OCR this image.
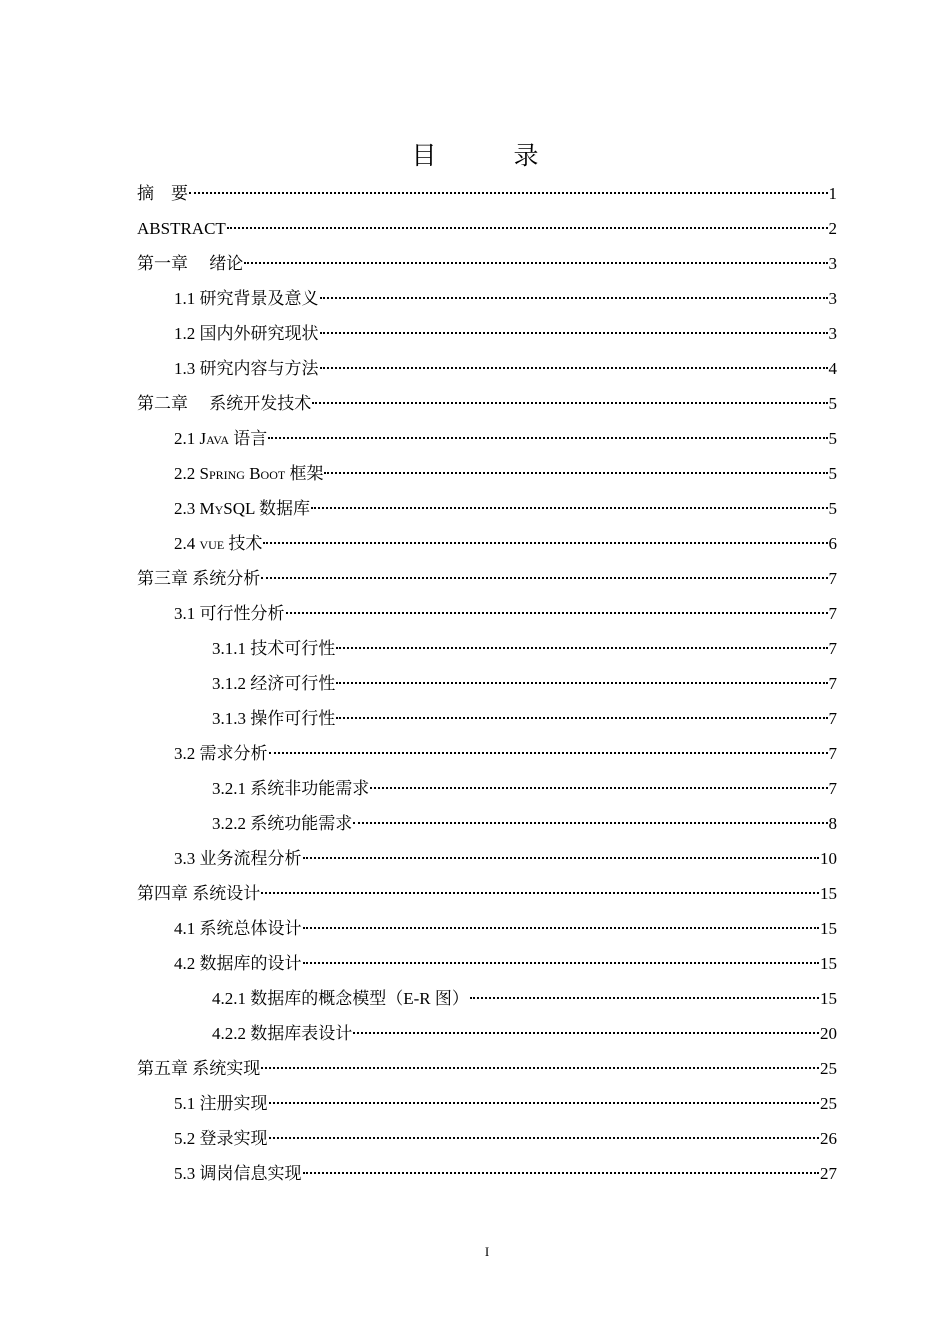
目　录
摘　要	1
ABSTRACT	2
第一章　 绪论	3
1.1 研究背景及意义	3
1.2 国内外研究现状	3
1.3 研究内容与方法	4
第二章　 系统开发技术	5
2.1 Java 语言	5
2.2 Spring Boot 框架	5
2.3 MySQL 数据库	5
2.4 vue 技术	6
第三章 系统分析	7
3.1 可行性分析	7
3.1.1 技术可行性	7
3.1.2 经济可行性	7
3.1.3 操作可行性	7
3.2 需求分析	7
3.2.1 系统非功能需求	7
3.2.2 系统功能需求	8
3.3 业务流程分析	10
第四章 系统设计	15
4.1 系统总体设计	15
4.2 数据库的设计	15
4.2.1 数据库的概念模型（E-R 图）	15
4.2.2 数据库表设计	20
第五章 系统实现	25
5.1 注册实现	25
5.2 登录实现	26
5.3 调岗信息实现	27
I
